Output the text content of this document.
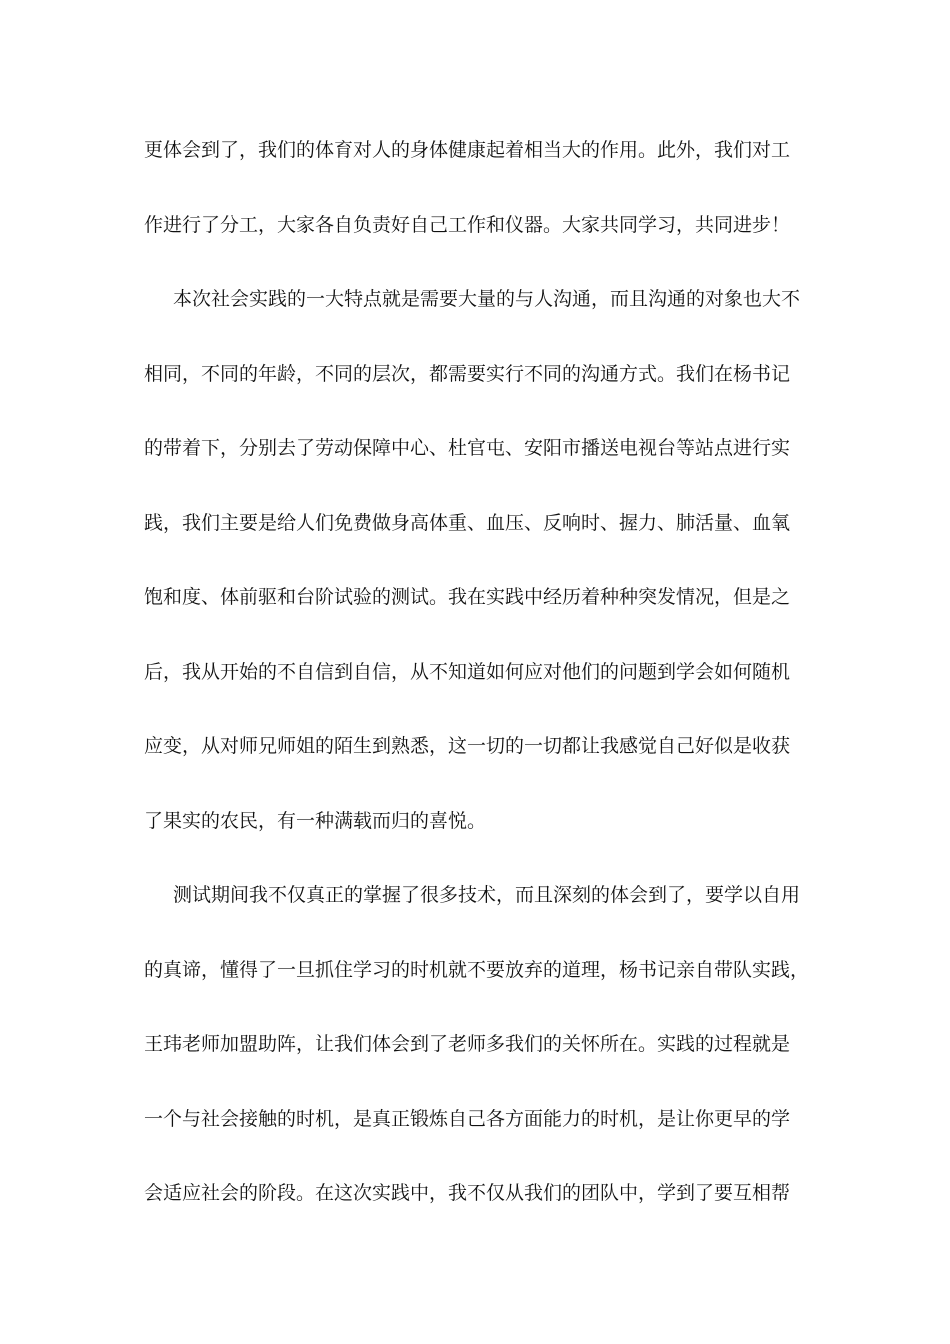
更体会到了，我们的体育对人的身体健康起着相当大的作用。此外，我们对工
作进行了分工，大家各自负责好自己工作和仪器。大家共同学习，共同进步！
本次社会实践的一大特点就是需要大量的与人沟通，而且沟通的对象也大不
相同，不同的年龄，不同的层次，都需要实行不同的沟通方式。我们在杨书记
的带着下，分别去了劳动保障中心、杜官屯、安阳市播送电视台等站点进行实
践，我们主要是给人们免费做身高体重、血压、反响时、握力、肺活量、血氧
饱和度、体前驱和台阶试验的测试。我在实践中经历着种种突发情况，但是之
后，我从开始的不自信到自信，从不知道如何应对他们的问题到学会如何随机
应变，从对师兄师姐的陌生到熟悉，这一切的一切都让我感觉自己好似是收获
了果实的农民，有一种满载而归的喜悦。
测试期间我不仅真正的掌握了很多技术，而且深刻的体会到了，要学以自用
的真谛，懂得了一旦抓住学习的时机就不要放弃的道理，杨书记亲自带队实践，
王玮老师加盟助阵，让我们体会到了老师多我们的关怀所在。实践的过程就是
一个与社会接触的时机，是真正锻炼自己各方面能力的时机，是让你更早的学
会适应社会的阶段。在这次实践中，我不仅从我们的团队中，学到了要互相帮
